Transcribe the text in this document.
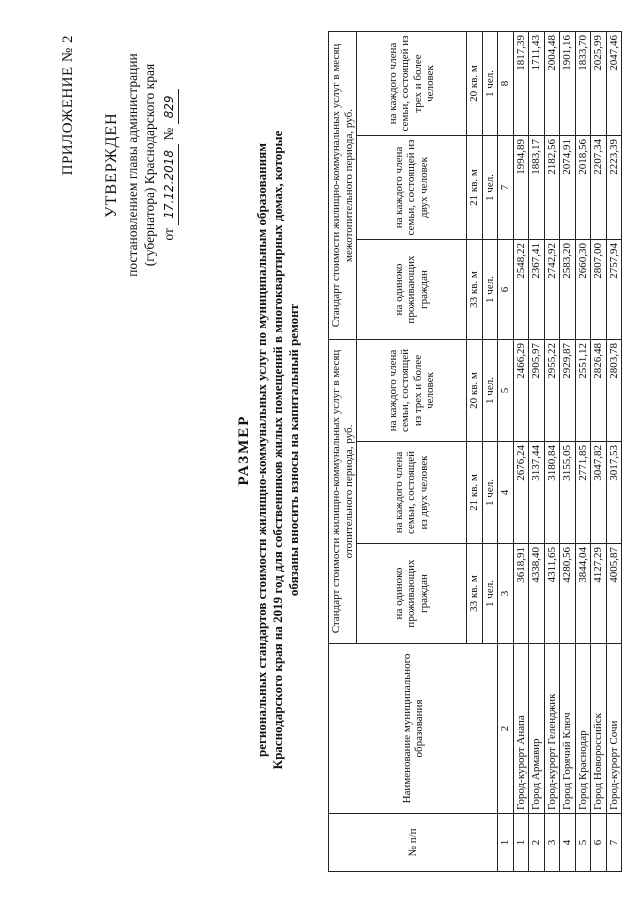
ПРИЛОЖЕНИЕ № 2 УТВЕРЖДЕН постановлением главы администрации (губернатора) Краснодарского края от 17.12.2018 № 829
РАЗМЕР региональных стандартов стоимости жилищно-коммунальных услуг по муниципальным образованиям Краснодарского края на 2019 год для собственников жилых помещений в многоквартирных домах, которые обязаны вносить взносы на капитальный ремонт
№ п/п	Наименование муниципального образования	Стандарт стоимости жилищно-коммунальных услуг в месяц отопительного периода, руб.			Стандарт стоимости жилищно-коммунальных услуг в месяц межотопительного периода, руб.		
		на одиноко проживающих граждан	на каждого члена семьи, состоящей из двух человек	на каждого члена семьи, состоящей из трех и более человек	на одиноко проживающих граждан	на каждого члена семьи, состоящей из двух человек	на каждого члена семьи, состоящей из трех и более человек
		33 кв. м	21 кв. м	20 кв. м	33 кв. м	21 кв. м	20 кв. м
		1 чел.	1 чел.	1 чел.	1 чел.	1 чел.	1 чел.
1	2	3	4	5	6	7	8
1	Город-курорт Анапа	3618,91	2676,24	2466,29	2548,22	1994,89	1817,39
2	Город Армавир	4338,40	3137,44	2905,97	2367,41	1883,17	1711,43
3	Город-курорт Геленджик	4311,65	3180,84	2955,22	2742,92	2182,56	2004,48
4	Город Горячий Ключ	4280,56	3155,05	2929,87	2583,20	2074,91	1901,16
5	Город Краснодар	3844,04	2771,85	2551,12	2660,30	2018,56	1833,70
6	Город Новороссийск	4127,29	3047,82	2826,48	2807,00	2207,34	2025,99
7	Город-курорт Сочи	4005,87	3017,53	2803,78	2757,94	2223,39	2047,46
